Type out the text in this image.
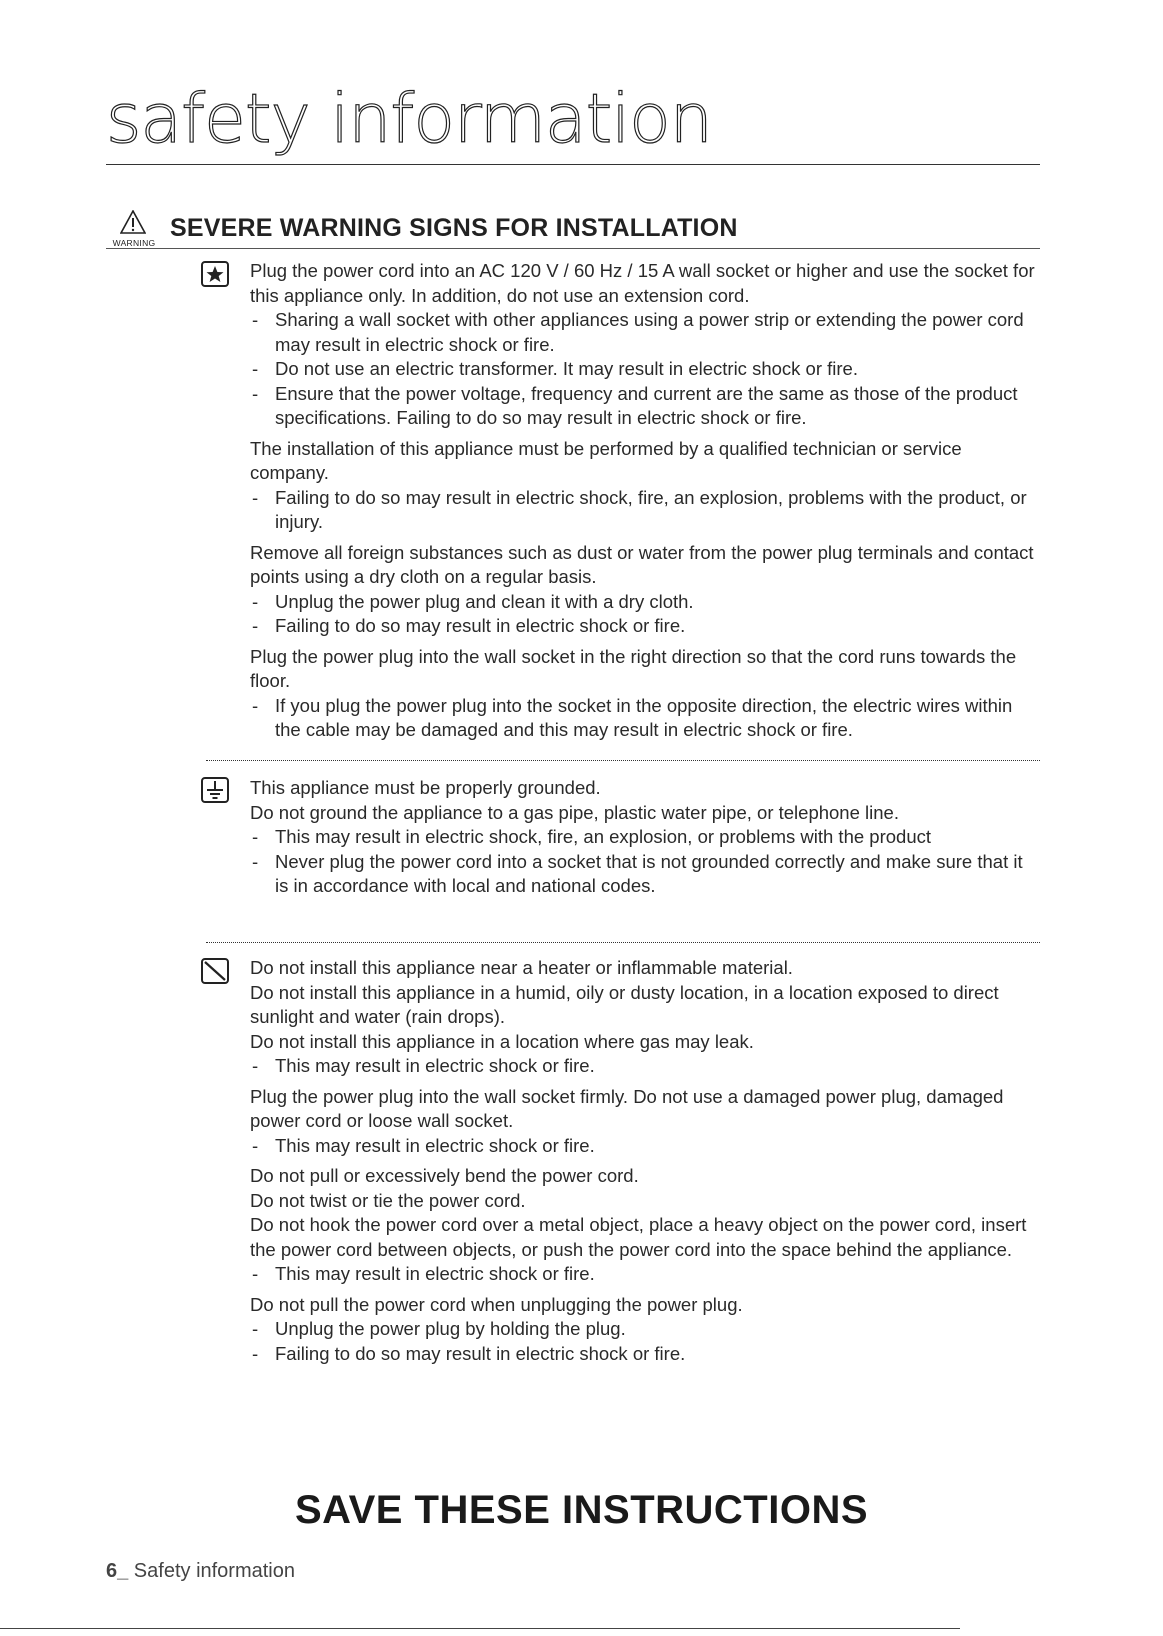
safety information
WARNING
SEVERE WARNING SIGNS FOR INSTALLATION

Plug the power cord into an AC 120 V / 60 Hz / 15 A wall socket or higher and use the socket for this appliance only. In addition, do not use an extension cord.

- Sharing a wall socket with other appliances using a power strip or extending the power cord may result in electric shock or fire.

- Do not use an electric transformer. It may result in electric shock or fire.

- Ensure that the power voltage, frequency and current are the same as those of the product specifications. Failing to do so may result in electric shock or fire.

The installation of this appliance must be performed by a qualified technician or service company.

- Failing to do so may result in electric shock, fire, an explosion, problems with the product, or injury.

Remove all foreign substances such as dust or water from the power plug terminals and contact points using a dry cloth on a regular basis.

- Unplug the power plug and clean it with a dry cloth.

- Failing to do so may result in electric shock or fire.

Plug the power plug into the wall socket in the right direction so that the cord runs towards the floor.

- If you plug the power plug into the socket in the opposite direction, the electric wires within the cable may be damaged and this may result in electric shock or fire.

This appliance must be properly grounded.

Do not ground the appliance to a gas pipe, plastic water pipe, or telephone line.

- This may result in electric shock, fire, an explosion, or problems with the product

- Never plug the power cord into a socket that is not grounded correctly and make sure that it is in accordance with local and national codes.

Do not install this appliance near a heater or inflammable material.

Do not install this appliance in a humid, oily or dusty location, in a location exposed to direct sunlight and water (rain drops).

Do not install this appliance in a location where gas may leak.

- This may result in electric shock or fire.

Plug the power plug into the wall socket firmly. Do not use a damaged power plug, damaged power cord or loose wall socket.

- This may result in electric shock or fire.

Do not pull or excessively bend the power cord.

Do not twist or tie the power cord.

Do not hook the power cord over a metal object, place a heavy object on the power cord, insert the power cord between objects, or push the power cord into the space behind the appliance.

- This may result in electric shock or fire.

Do not pull the power cord when unplugging the power plug.

- Unplug the power plug by holding the plug.

- Failing to do so may result in electric shock or fire.

SAVE THESE INSTRUCTIONS
6_ Safety information
